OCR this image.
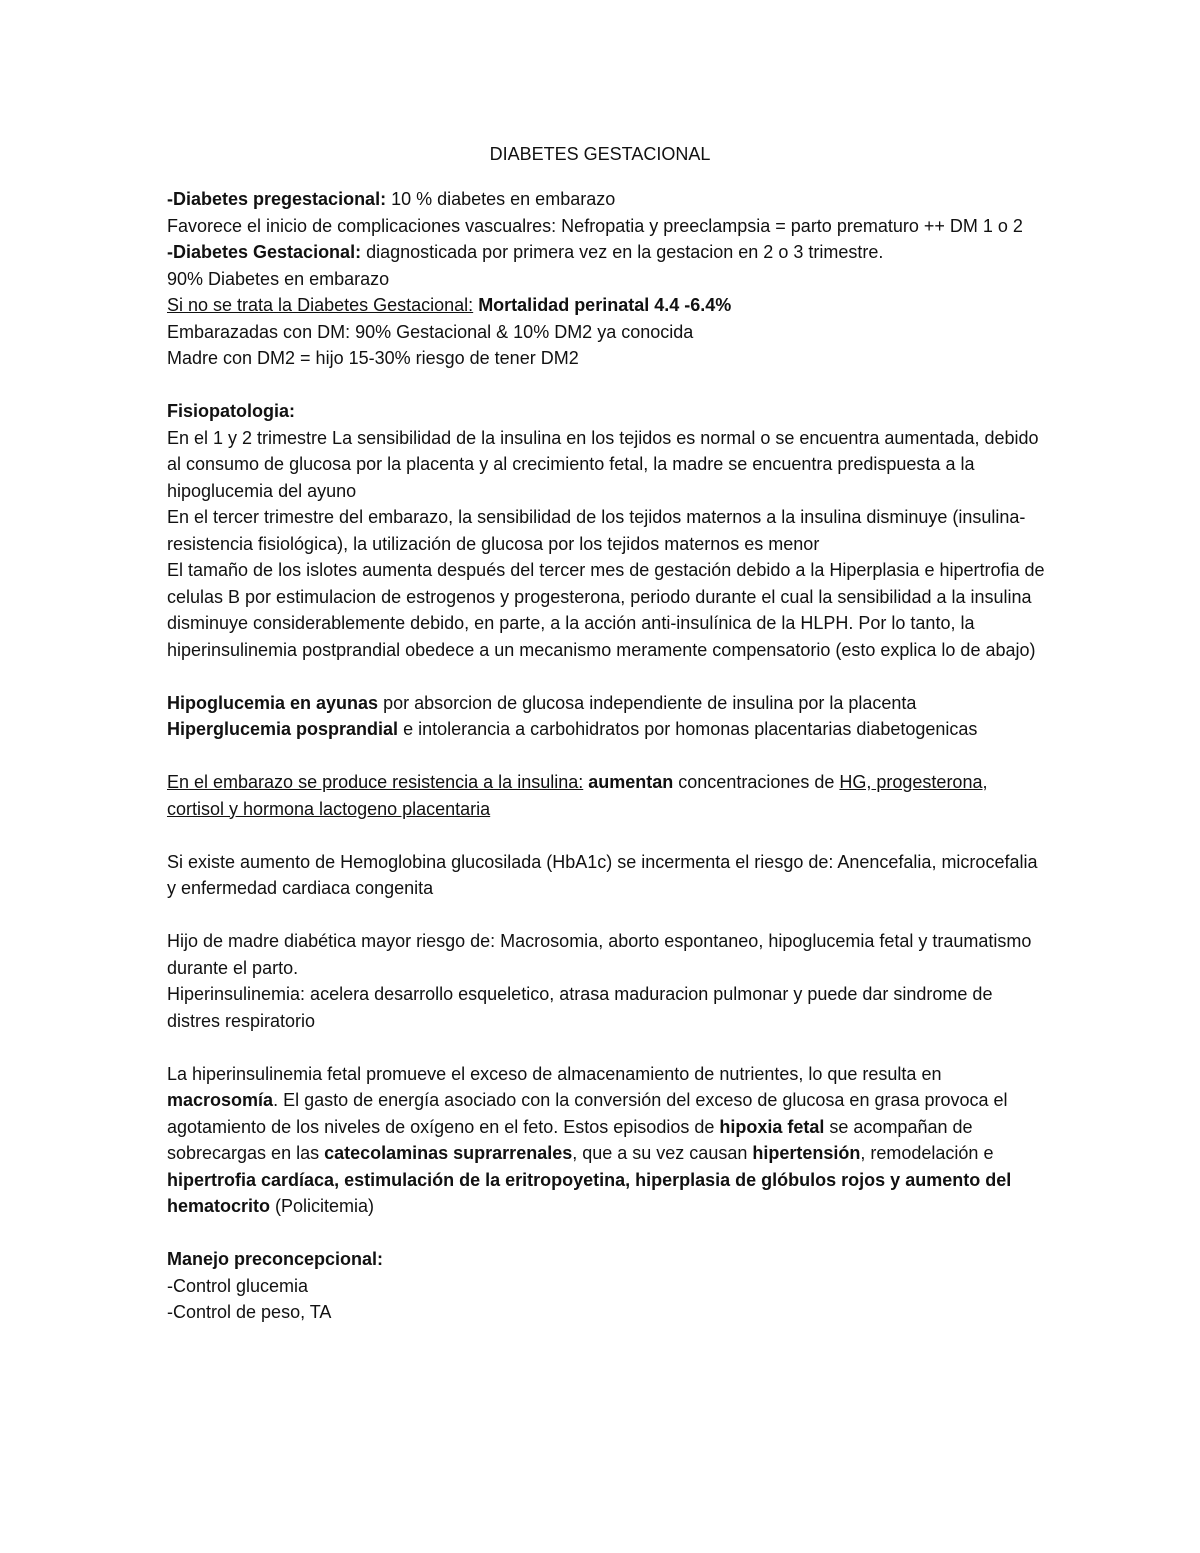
DIABETES GESTACIONAL

-Diabetes pregestacional: 10 % diabetes en embarazo

Favorece el inicio de complicaciones vascualres: Nefropatia y preeclampsia = parto prematuro ++ DM 1 o 2

-Diabetes Gestacional: diagnosticada por primera vez en la gestacion en 2 o 3 trimestre.

90% Diabetes en embarazo

Si no se trata la Diabetes Gestacional: Mortalidad perinatal 4.4 -6.4%

Embarazadas con DM: 90% Gestacional & 10% DM2 ya conocida

Madre con DM2 = hijo 15-30% riesgo de tener DM2

Fisiopatologia:

En el 1 y 2 trimestre La sensibilidad de la insulina en los tejidos es normal o se encuentra aumentada, debido al consumo de glucosa por la placenta y al crecimiento fetal, la madre se encuentra predispuesta a la hipoglucemia del ayuno

En el tercer trimestre del embarazo, la sensibilidad de los tejidos maternos a la insulina disminuye (insulina-resistencia fisiológica), la utilización de glucosa por los tejidos maternos es menor

El tamaño de los islotes aumenta después del tercer mes de gestación debido a la Hiperplasia e hipertrofia de celulas B por estimulacion de estrogenos y progesterona, periodo durante el cual la sensibilidad a la insulina disminuye considerablemente debido, en parte, a la acción anti-insulínica de la HLPH. Por lo tanto, la hiperinsulinemia postprandial obedece a un mecanismo meramente compensatorio (esto explica lo de abajo)

Hipoglucemia en ayunas por absorcion de glucosa independiente de insulina por la placenta

Hiperglucemia posprandial e intolerancia a carbohidratos por homonas placentarias diabetogenicas

En el embarazo se produce resistencia a la insulina: aumentan concentraciones de HG, progesterona, cortisol y hormona lactogeno placentaria

Si existe aumento de Hemoglobina glucosilada (HbA1c) se incermenta el riesgo de: Anencefalia, microcefalia y enfermedad cardiaca congenita

Hijo de madre diabética mayor riesgo de: Macrosomia, aborto espontaneo, hipoglucemia fetal y traumatismo durante el parto.

Hiperinsulinemia: acelera desarrollo esqueletico, atrasa maduracion pulmonar y puede dar sindrome de distres respiratorio

La hiperinsulinemia fetal promueve el exceso de almacenamiento de nutrientes, lo que resulta en macrosomía. El gasto de energía asociado con la conversión del exceso de glucosa en grasa provoca el agotamiento de los niveles de oxígeno en el feto. Estos episodios de hipoxia fetal se acompañan de sobrecargas en las catecolaminas suprarrenales, que a su vez causan hipertensión, remodelación e hipertrofia cardíaca, estimulación de la eritropoyetina, hiperplasia de glóbulos rojos y aumento del hematocrito (Policitemia)

Manejo preconcepcional:

-Control glucemia

-Control de peso, TA
